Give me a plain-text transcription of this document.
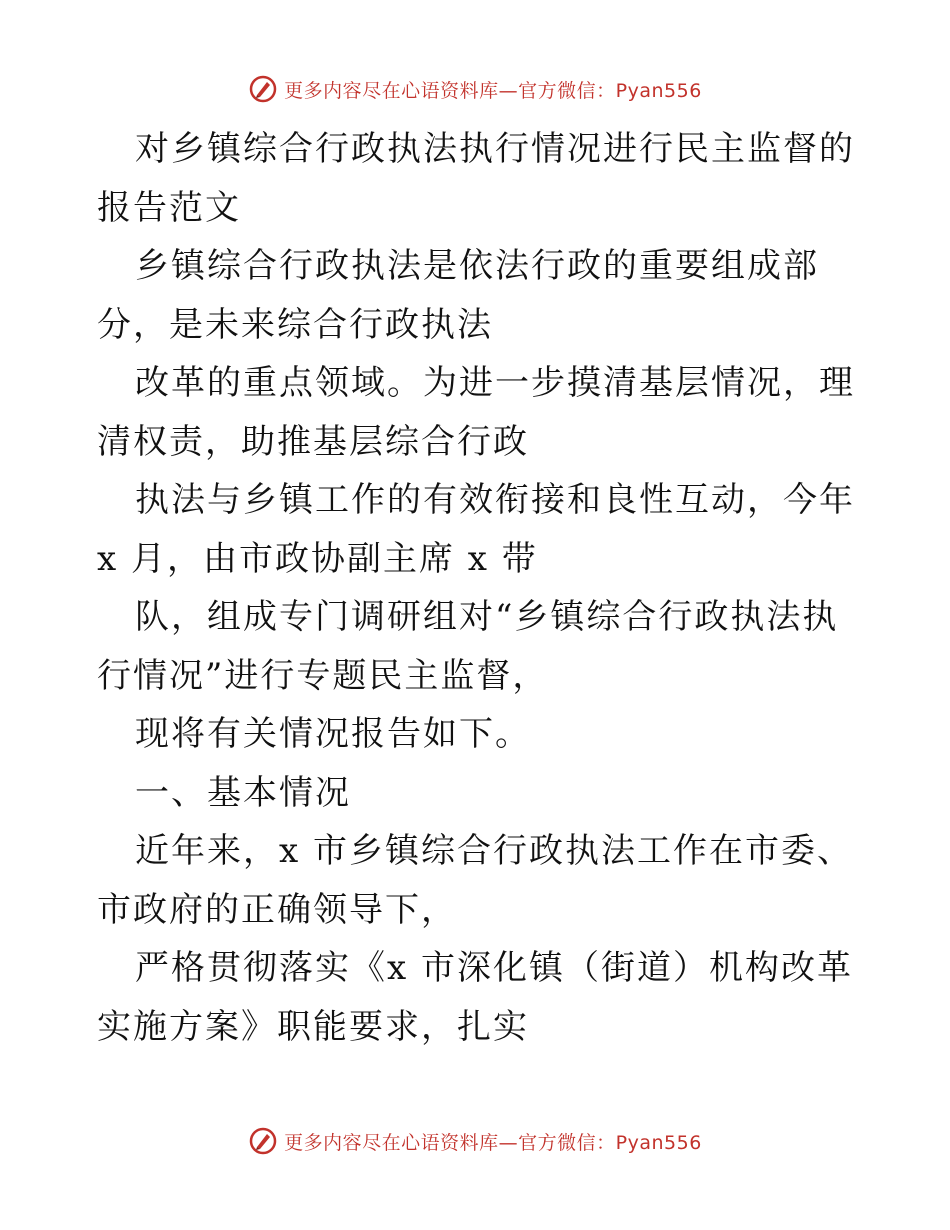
更多内容尽在心语资料库—官方微信：Pyan556

对乡镇综合行政执法执行情况进行民主监督的报告范文

乡镇综合行政执法是依法行政的重要组成部分，是未来综合行政执法

改革的重点领域。为进一步摸清基层情况，理清权责，助推基层综合行政

执法与乡镇工作的有效衔接和良性互动，今年 x 月，由市政协副主席 x 带

队，组成专门调研组对“乡镇综合行政执法执行情况”进行专题民主监督，

现将有关情况报告如下。

一、基本情况

近年来，x 市乡镇综合行政执法工作在市委、市政府的正确领导下，

严格贯彻落实《x 市深化镇（街道）机构改革实施方案》职能要求，扎实

更多内容尽在心语资料库—官方微信：Pyan556
